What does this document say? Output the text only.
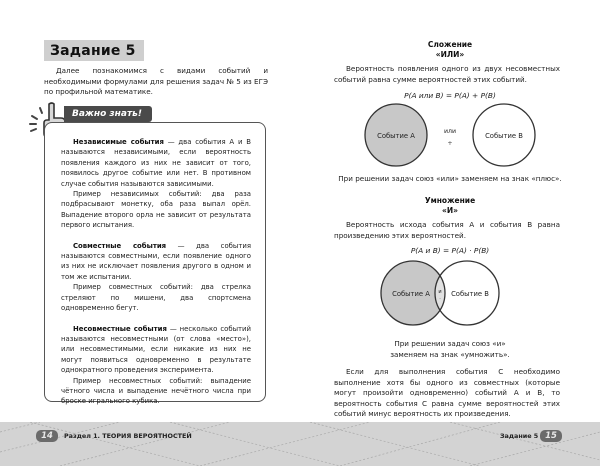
Задание 5

Далее познакомимся с видами событий и необходимыми формулами для решения задач № 5 из ЕГЭ по профильной математике.

Важно знать!

Независимые события — два события A и B называются независимыми, если вероятность появления каждого из них не зависит от того, появилось другое событие или нет. В противном случае события называются зависимыми.

Пример независимых событий: два раза подбрасывают монетку, оба раза выпал орёл. Выпадение второго орла не зависит от результата первого испытания.

Совместные события — два события называются совместными, если появление одного из них не исключает появления другого в одном и том же испытании.

Пример совместных событий: два стрелка стреляют по мишени, два спортсмена одновременно бегут.

Несовместные события — несколько событий называются несовместными (от слова «место»), или несовместимыми, если никакие из них не могут появиться одновременно в результате однократного проведения эксперимента.

Пример несовместных событий: выпадение чётного числа и выпадение нечётного числа при броске игрального кубика.

Сложение
«ИЛИ»

Вероятность появления одного из двух несовместных событий равна сумме вероятностей этих событий.

P(A или B) = P(A) + P(B)
Событие A	Событие B
или
+
При решении задач союз «или» заменяем на знак «плюс».
Умножение
«И»

Вероятность исхода события A и события B равна произведению этих вероятностей.

P(A и B) = P(A) · P(B)
Событие A	Событие B
и
·
При решении задач союз «и»
заменяем на знак «умножить».

Если для выполнения события C необходимо выполнение хотя бы одного из совместных (которые могут произойти одновременно) событий A и B, то вероятность события C равна сумме вероятностей этих событий минус вероятность их произведения.

14	Раздел 1. ТЕОРИЯ ВЕРОЯТНОСТЕЙ	Задание 5 15
